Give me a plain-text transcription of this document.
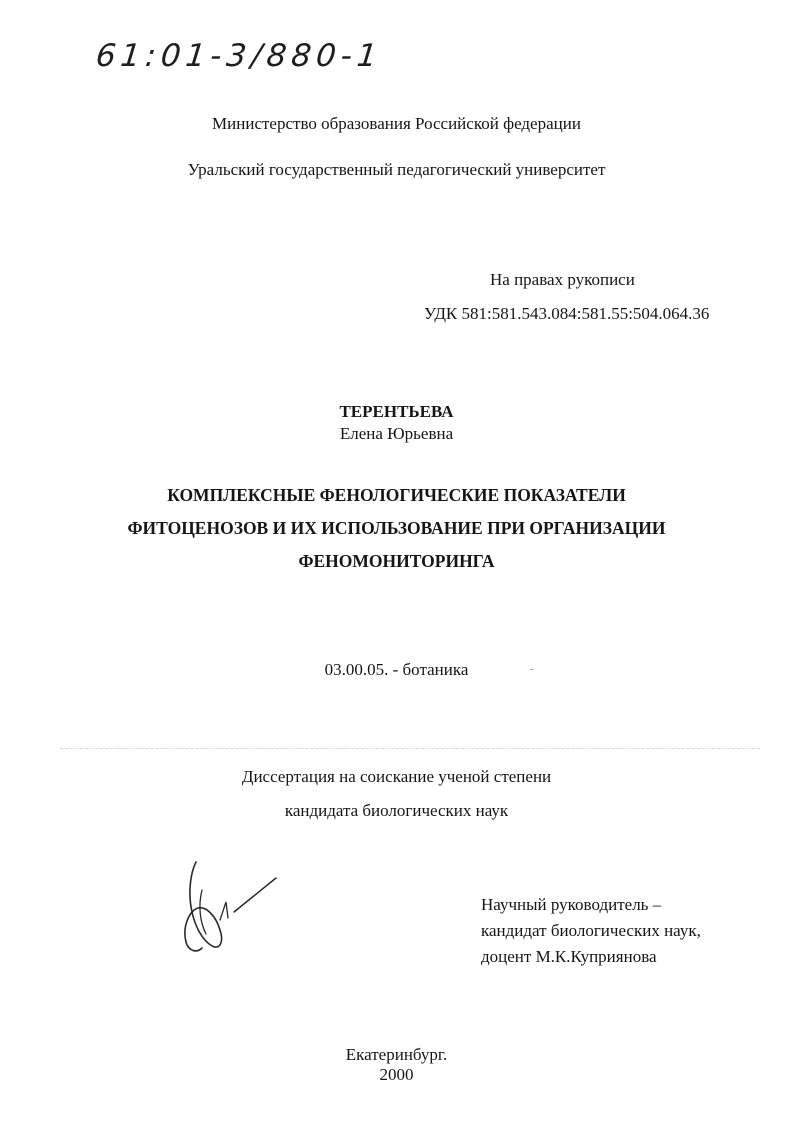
61:01-3/880-1
Министерство образования Российской федерации
Уральский государственный педагогический университет
На правах рукописи
УДК 581:581.543.084:581.55:504.064.36
ТЕРЕНТЬЕВА
Елена Юрьевна
КОМПЛЕКСНЫЕ ФЕНОЛОГИЧЕСКИЕ ПОКАЗАТЕЛИ
ФИТОЦЕНОЗОВ И ИХ ИСПОЛЬЗОВАНИЕ ПРИ ОРГАНИЗАЦИИ
ФЕНОМОНИТОРИНГА
03.00.05. - ботаника
Диссертация на соискание ученой степени
кандидата биологических наук
Научный руководитель –
кандидат биологических наук,
доцент М.К.Куприянова
Екатеринбург.
2000
